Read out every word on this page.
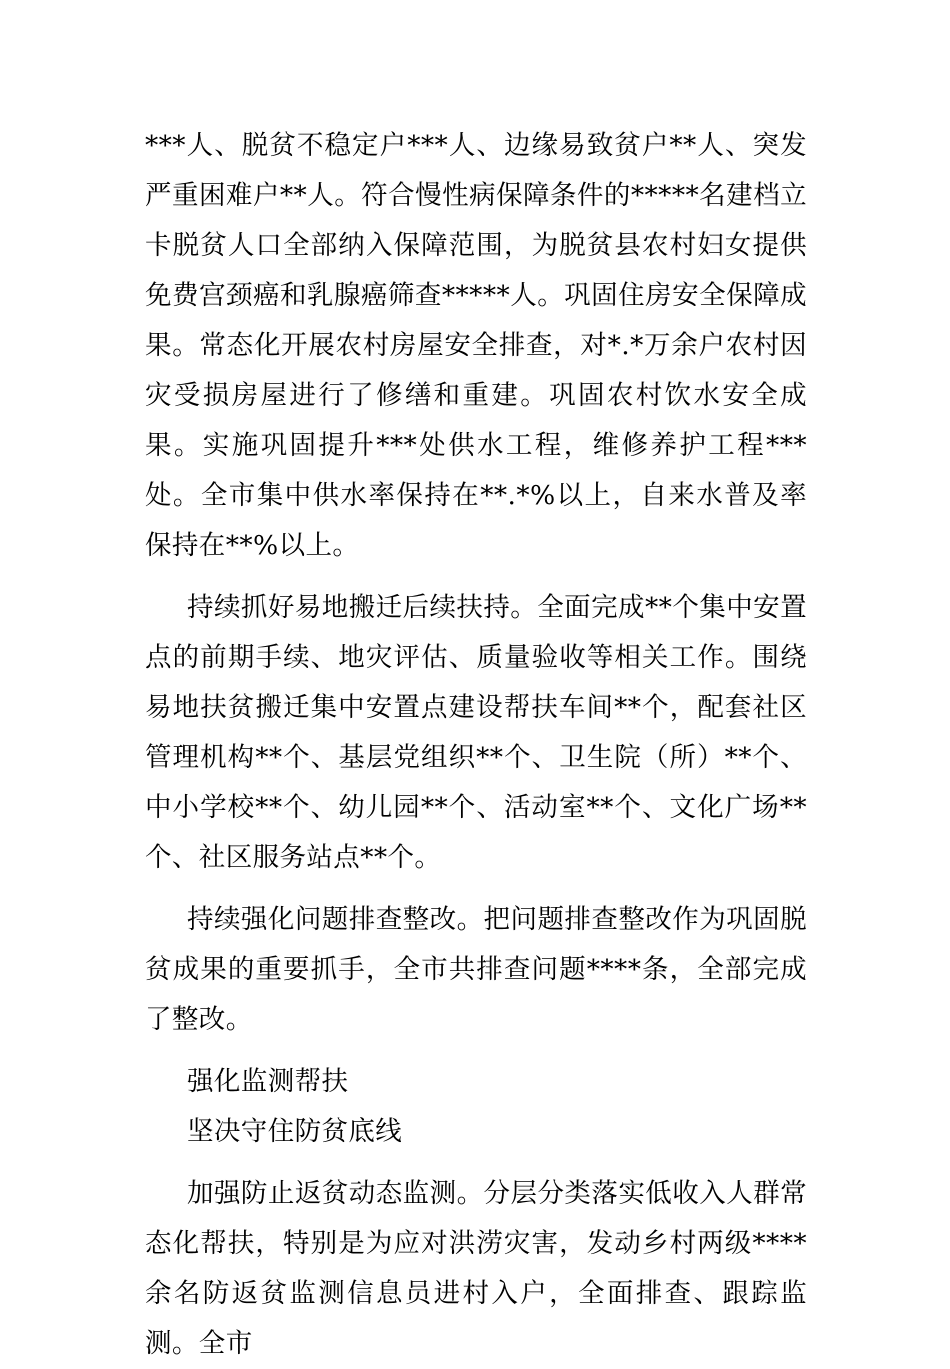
***人、脱贫不稳定户***人、边缘易致贫户**人、突发严重困难户**人。符合慢性病保障条件的*****名建档立卡脱贫人口全部纳入保障范围，为脱贫县农村妇女提供免费宫颈癌和乳腺癌筛查*****人。巩固住房安全保障成果。常态化开展农村房屋安全排查，对*.*万余户农村因灾受损房屋进行了修缮和重建。巩固农村饮水安全成果。实施巩固提升***处供水工程，维修养护工程***处。全市集中供水率保持在**.*%以上，自来水普及率保持在**%以上。

持续抓好易地搬迁后续扶持。全面完成**个集中安置点的前期手续、地灾评估、质量验收等相关工作。围绕易地扶贫搬迁集中安置点建设帮扶车间**个，配套社区管理机构**个、基层党组织**个、卫生院（所）**个、中小学校**个、幼儿园**个、活动室**个、文化广场**个、社区服务站点**个。

持续强化问题排查整改。把问题排查整改作为巩固脱贫成果的重要抓手，全市共排查问题****条，全部完成了整改。

强化监测帮扶

坚决守住防贫底线

加强防止返贫动态监测。分层分类落实低收入人群常态化帮扶，特别是为应对洪涝灾害，发动乡村两级****余名防返贫监测信息员进村入户，全面排查、跟踪监测。全市
